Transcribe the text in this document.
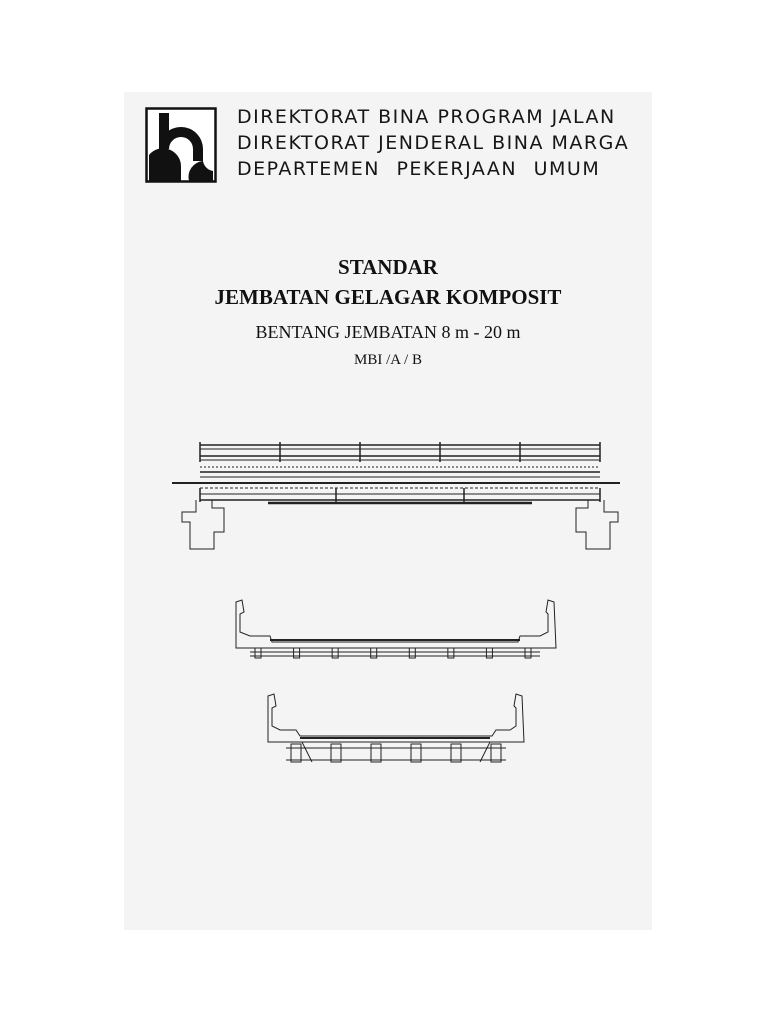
DIREKTORAT BINA PROGRAM JALAN
DIREKTORAT JENDERAL BINA MARGA
DEPARTEMEN PEKERJAAN UMUM
STANDAR
JEMBATAN GELAGAR KOMPOSIT
BENTANG JEMBATAN 8 m - 20 m
MBI /A / B
